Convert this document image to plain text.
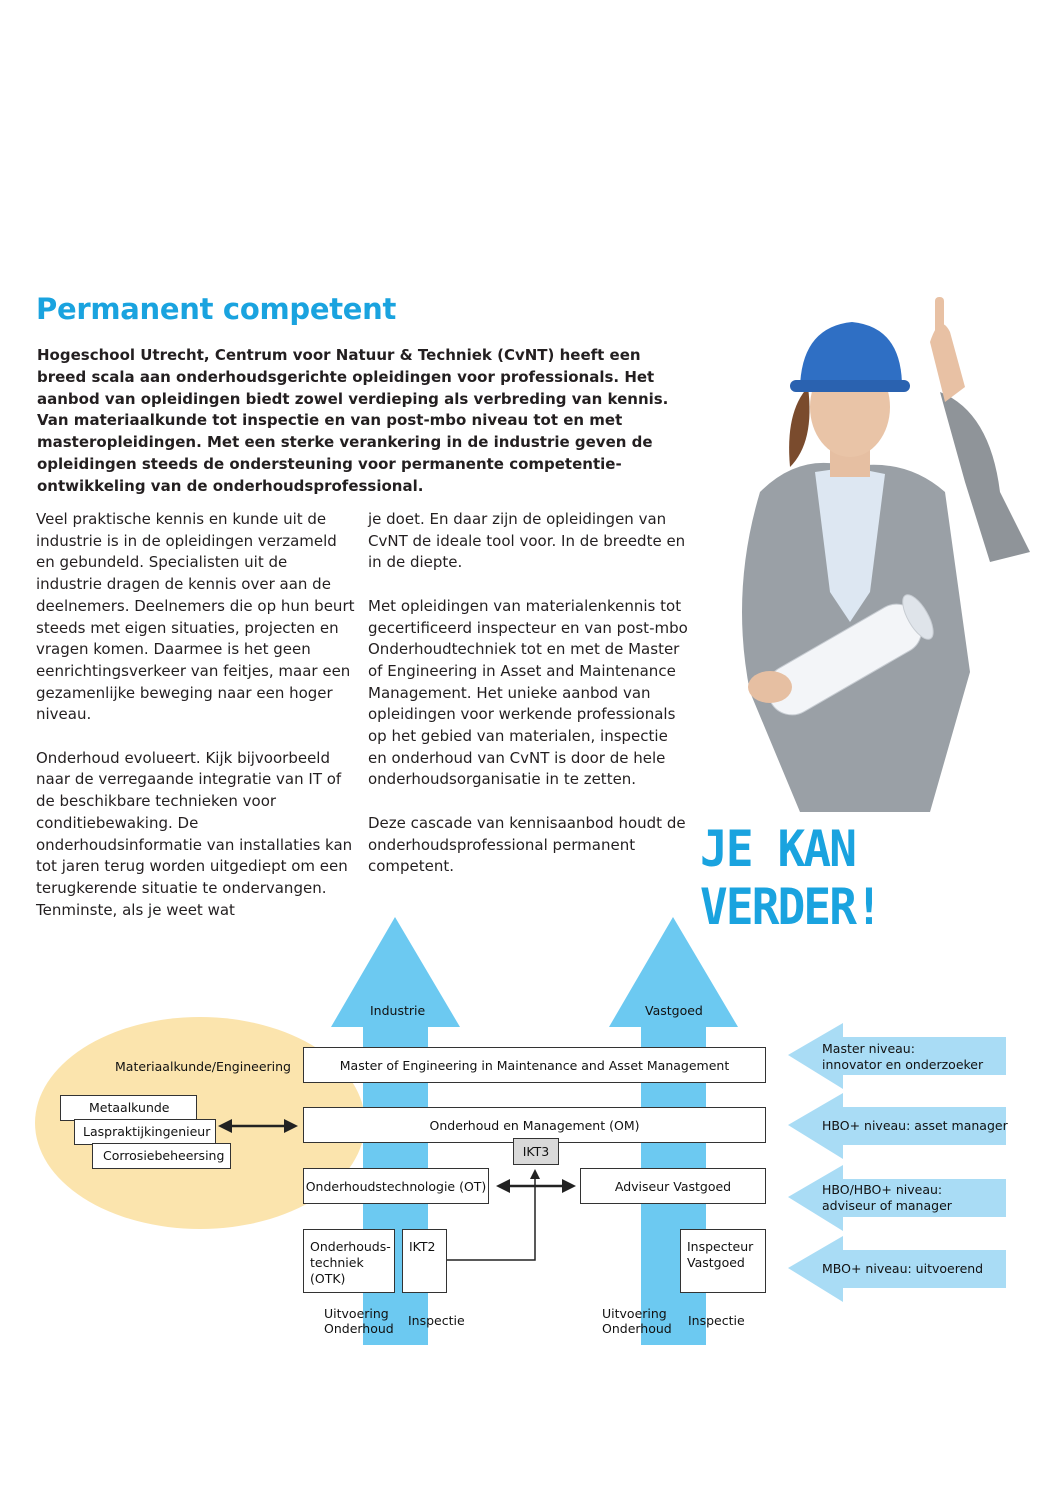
Permanent competent
Hogeschool Utrecht, Centrum voor Natuur & Techniek (CvNT) heeft een breed scala aan onderhoudsgerichte opleidingen voor professionals. Het aanbod van opleidingen biedt zowel verdieping als verbreding van kennis. Van materiaalkunde tot inspectie en van post-mbo niveau tot en met masteropleidingen. Met een sterke verankering in de industrie geven de opleidingen steeds de ondersteuning voor permanente competentie-ontwikkeling van de onderhoudsprofessional.

Veel praktische kennis en kunde uit de industrie is in de opleidingen verzameld en gebundeld. Specialisten uit de industrie dragen de kennis over aan de deelnemers. Deelnemers die op hun beurt steeds met eigen situaties, projecten en vragen komen. Daarmee is het geen eenrichtingsverkeer van feitjes, maar een gezamenlijke beweging naar een hoger niveau.

Onderhoud evolueert. Kijk bijvoorbeeld naar de verregaande integratie van IT of de beschikbare technieken voor conditiebewaking. De onderhoudsinformatie van installaties kan tot jaren terug worden uitgediept om een terugkerende situatie te ondervangen. Tenminste, als je weet wat

je doet. En daar zijn de opleidingen van CvNT de ideale tool voor. In de breedte en in de diepte.

Met opleidingen van materialenkennis tot gecertificeerd inspecteur en van post-mbo Onderhoudtechniek tot en met de Master of Engineering in Asset and Maintenance Management. Het unieke aanbod van opleidingen voor werkende professionals op het gebied van materialen, inspectie en onderhoud van CvNT is door de hele onderhoudsorganisatie in te zetten.

Deze cascade van kennisaanbod houdt de onderhoudsprofessional permanent competent.	JE KAN VERDER!
Industrie	Vastgoed
Materiaalkunde/Engineering
Metaalkunde
Laspraktijkingenieur
Corrosiebeheersing
Master of Engineering in Maintenance and Asset Management
Onderhoud en Management (OM)
IKT3
Onderhoudstechnologie (OT)	Adviseur Vastgoed
Onderhouds-
techniek
(OTK)
IKT2	Inspecteur
Vastgoed
Uitvoering
Onderhoud
Inspectie	Uitvoering
Onderhoud
Inspectie
Master niveau:
innovator en onderzoeker
HBO+ niveau: asset manager
HBO/HBO+ niveau:
adviseur of manager
MBO+ niveau: uitvoerend
